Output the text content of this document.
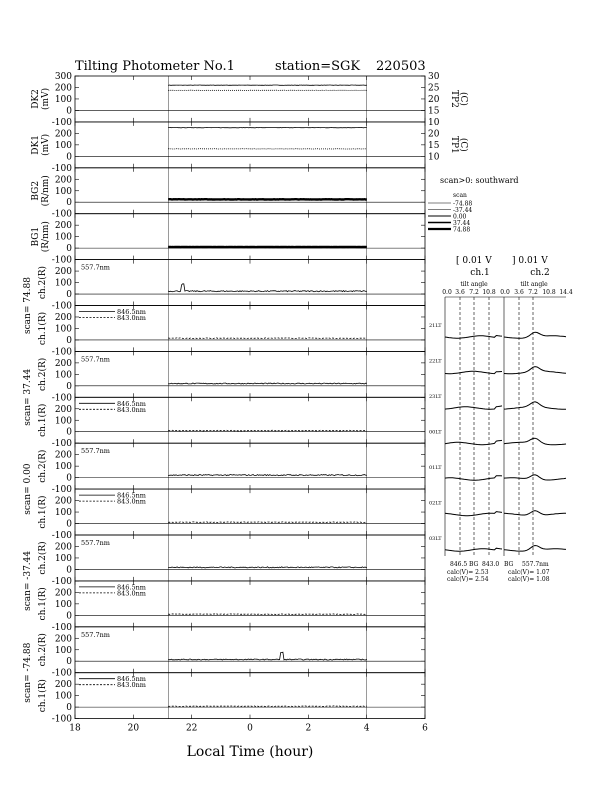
Tilting Photometer No.1	station=SGK 220503
Local Time (hour)
-100
0
100
200
300
DK2 (mV)	TP2 (C)
30
25
20
15
10
-100
0
100
200
DK1 (mV)	TP1 (C)
20
15
10
-100
0
100
200
BG2 (R/nm)
-100
0
100
200
BG1 (R/nm)
-100
0
100
200
ch.2(R)
scan= 74.88
557.7nm
-100
0
100
200
ch.1(R)	846.5nm
843.0nm
-100
0
100
200
ch.2(R)
scan= 37.44
557.7nm
-100
0
100
200
ch.1(R)	846.5nm
843.0nm
-100
0
100
200
ch.2(R)
scan= 0.00
557.7nm
-100
0
100
200
ch.1(R)	846.5nm
843.0nm
-100
0
100
200
ch.2(R)
scan= -37.44
557.7nm
-100
0
100
200
ch.1(R)	846.5nm
843.0nm
-100
0
100
200
ch.2(R)
scan= -74.88
557.7nm
-100
0
100
200
ch.1(R)	846.5nm
843.0nm
18	20	22	0	2	4	6
scan>0: southward
scan
-74.88
-37.44
0.00
37.44
74.88
[ 0.01 V
ch.1
] 0.01 V
ch.2
tilt angle	tilt angle
0.0 3.6 7.2 10.8 0.0 3.6 7.2 10.8 14.4
21LT
22LT
23LT
00LT
01LT
02LT
03LT
846.5 BG 843.0 BG 557.7nm
calc(V)= 2.53
calc(V)= 2.54
calc(V)= 1.07
calc(V)= 1.08
